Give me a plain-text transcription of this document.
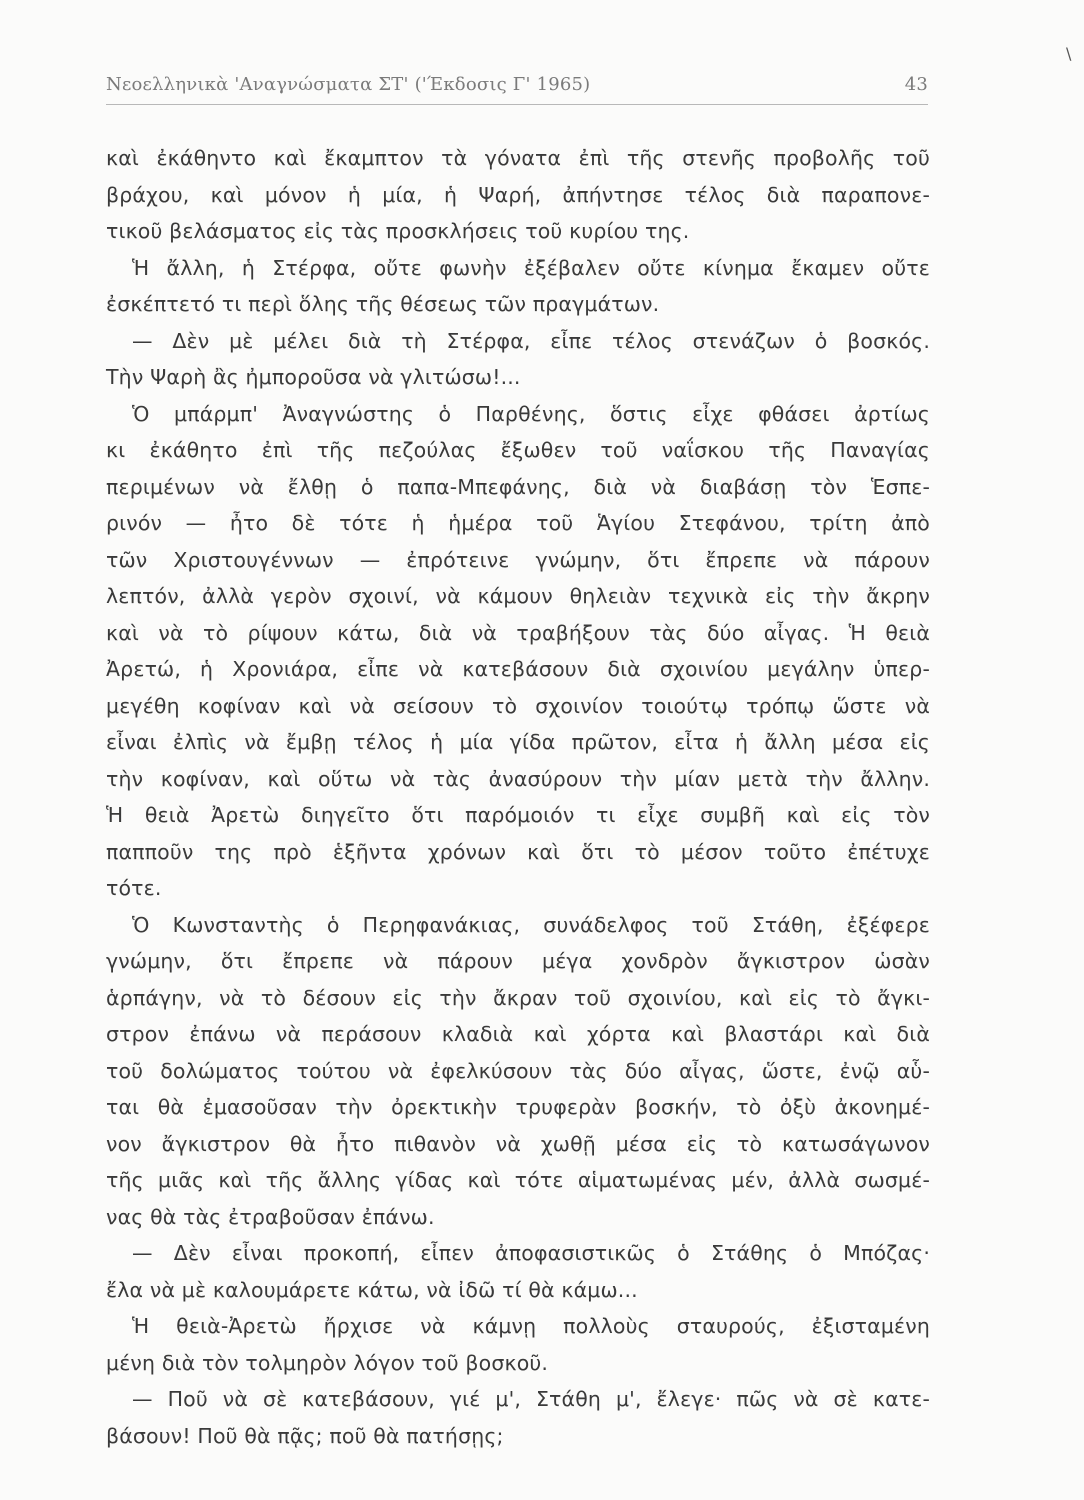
\
Νεοελληνικὰ 'Αναγνώσματα ΣΤ' ('Έκδοσις Γ' 1965)	43
καὶ ἐκάθηντο καὶ ἔκαμπτον τὰ γόνατα ἐπὶ τῆς στενῆς προβολῆς τοῦ
βράχου, καὶ μόνον ἡ μία, ἡ Ψαρή, ἀπήντησε τέλος διὰ παραπονε-
τικοῦ βελάσματος εἰς τὰς προσκλήσεις τοῦ κυρίου της.
Ἡ ἄλλη, ἡ Στέρφα, οὔτε φωνὴν ἐξέβαλεν οὔτε κίνημα ἔκαμεν οὔτε
ἐσκέπτετό τι περὶ ὅλης τῆς θέσεως τῶν πραγμάτων.
— Δὲν μὲ μέλει διὰ τὴ Στέρφα, εἶπε τέλος στενάζων ὁ βοσκός.
Τὴν Ψαρὴ ἂς ἠμποροῦσα νὰ γλιτώσω!...
Ὁ μπάρμπ' Ἀναγνώστης ὁ Παρθένης, ὅστις εἶχε φθάσει ἀρτίως
κι ἐκάθητο ἐπὶ τῆς πεζούλας ἔξωθεν τοῦ ναΐσκου τῆς Παναγίας
περιμένων νὰ ἔλθῃ ὁ παπα-Μπεφάνης, διὰ νὰ διαβάσῃ τὸν Ἑσπε-
ρινόν — ἦτο δὲ τότε ἡ ἡμέρα τοῦ Ἁγίου Στεφάνου, τρίτη ἀπὸ
τῶν Χριστουγέννων — ἐπρότεινε γνώμην, ὅτι ἔπρεπε νὰ πάρουν
λεπτόν, ἀλλὰ γερὸν σχοινί, νὰ κάμουν θηλειὰν τεχνικὰ εἰς τὴν ἄκρην
καὶ νὰ τὸ ρίψουν κάτω, διὰ νὰ τραβήξουν τὰς δύο αἶγας. Ἡ θειὰ
Ἀρετώ, ἡ Χρονιάρα, εἶπε νὰ κατεβάσουν διὰ σχοινίου μεγάλην ὑπερ-
μεγέθη κοφίναν καὶ νὰ σείσουν τὸ σχοινίον τοιούτῳ τρόπῳ ὥστε νὰ
εἶναι ἐλπὶς νὰ ἔμβῃ τέλος ἡ μία γίδα πρῶτον, εἶτα ἡ ἄλλη μέσα εἰς
τὴν κοφίναν, καὶ οὕτω νὰ τὰς ἀνασύρουν τὴν μίαν μετὰ τὴν ἄλλην.
Ἡ θειὰ Ἀρετὼ διηγεῖτο ὅτι παρόμοιόν τι εἶχε συμβῆ καὶ εἰς τὸν
παπποῦν της πρὸ ἑξῆντα χρόνων καὶ ὅτι τὸ μέσον τοῦτο ἐπέτυχε
τότε.
Ὁ Κωνσταντὴς ὁ Περηφανάκιας, συνάδελφος τοῦ Στάθη, ἐξέφερε
γνώμην, ὅτι ἔπρεπε νὰ πάρουν μέγα χονδρὸν ἄγκιστρον ὡσὰν
ἁρπάγην, νὰ τὸ δέσουν εἰς τὴν ἄκραν τοῦ σχοινίου, καὶ εἰς τὸ ἄγκι-
στρον ἐπάνω νὰ περάσουν κλαδιὰ καὶ χόρτα καὶ βλαστάρι καὶ διὰ
τοῦ δολώματος τούτου νὰ ἐφελκύσουν τὰς δύο αἶγας, ὥστε, ἐνῷ αὗ-
ται θὰ ἐμασοῦσαν τὴν ὀρεκτικὴν τρυφερὰν βοσκήν, τὸ ὀξὺ ἀκονημέ-
νον ἄγκιστρον θὰ ἦτο πιθανὸν νὰ χωθῇ μέσα εἰς τὸ κατωσάγωνον
τῆς μιᾶς καὶ τῆς ἄλλης γίδας καὶ τότε αἱματωμένας μέν, ἀλλὰ σωσμέ-
νας θὰ τὰς ἐτραβοῦσαν ἐπάνω.
— Δὲν εἶναι προκοπή, εἶπεν ἀποφασιστικῶς ὁ Στάθης ὁ Μπόζας·
ἔλα νὰ μὲ καλουμάρετε κάτω, νὰ ἰδῶ τί θὰ κάμω...
Ἡ θειὰ-Ἀρετὼ ἤρχισε νὰ κάμνῃ πολλοὺς σταυρούς, ἐξισταμένη
μένη διὰ τὸν τολμηρὸν λόγον τοῦ βοσκοῦ.
— Ποῦ νὰ σὲ κατεβάσουν, γιέ μ', Στάθη μ', ἔλεγε· πῶς νὰ σὲ κατε-
βάσουν! Ποῦ θὰ πᾷς; ποῦ θὰ πατήσῃς;
